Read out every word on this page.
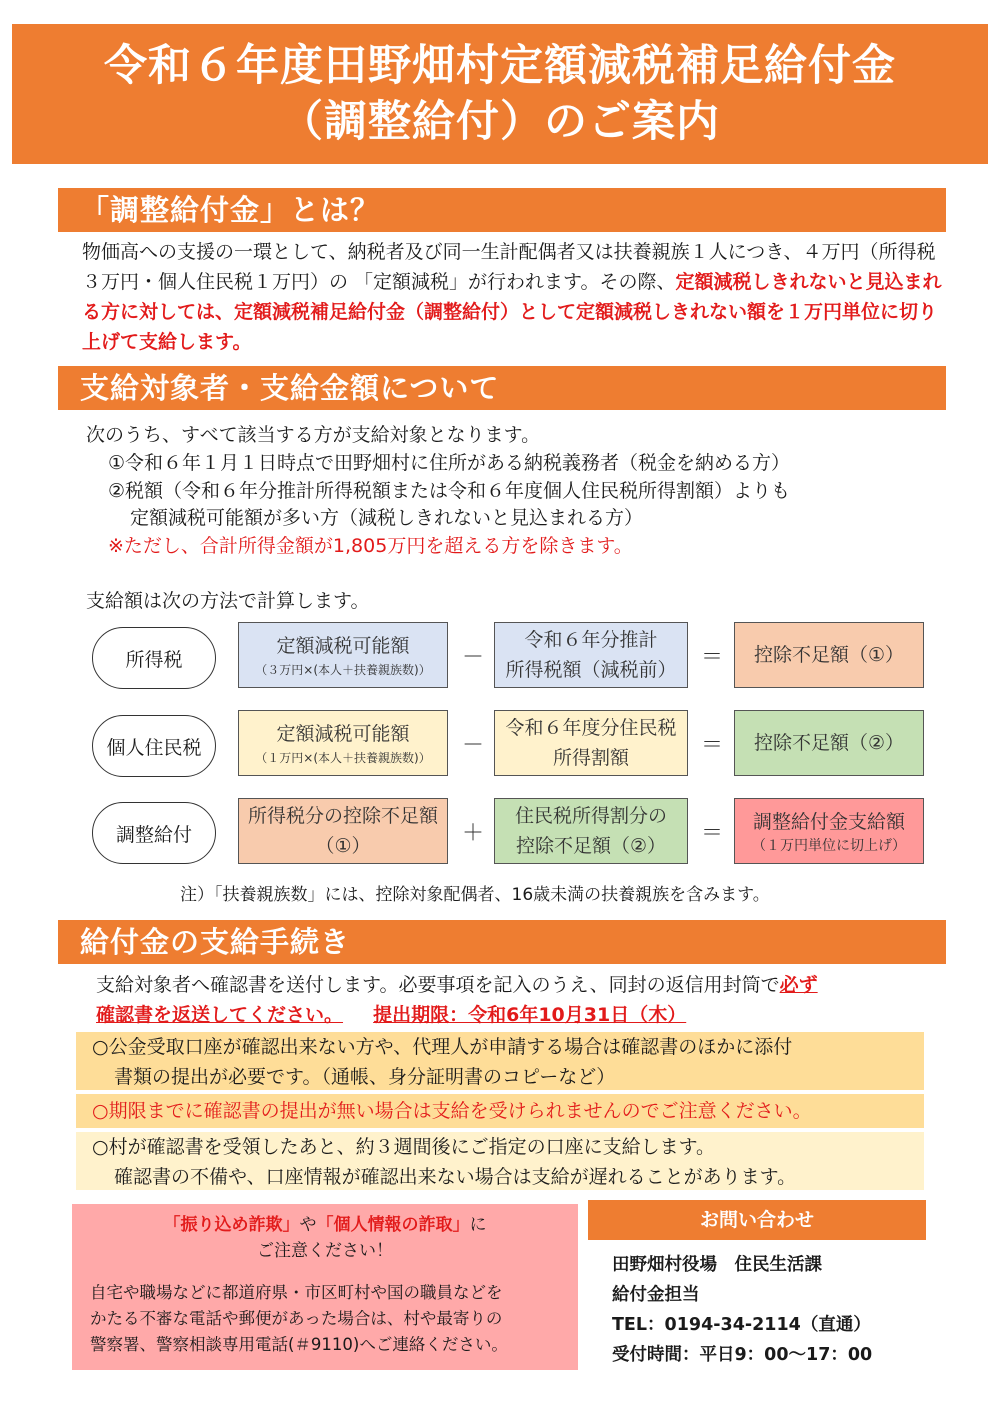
令和６年度田野畑村定額減税補足給付金
（調整給付）のご案内
「調整給付金」とは？
物価高への支援の一環として、納税者及び同一生計配偶者又は扶養親族１人につき、４万円（所得税３万円・個人住民税１万円）の 「定額減税」が行われます。その際、定額減税しきれないと見込まれる方に対しては、定額減税補足給付金（調整給付）として定額減税しきれない額を１万円単位に切り上げて支給します。
支給対象者・支給金額について
次のうち、すべて該当する方が支給対象となります。
①令和６年１月１日時点で田野畑村に住所がある納税義務者（税金を納める方）
②税額（令和６年分推計所得税額または令和６年度個人住民税所得割額）よりも
定額減税可能額が多い方（減税しきれないと見込まれる方）
※ただし、合計所得金額が1,805万円を超える方を除きます。
支給額は次の方法で計算します。
所得税
定額減税可能額
（３万円×(本人＋扶養親族数)） －
令和６年分推計
所得税額（減税前） ＝ 控除不足額（①）
個人住民税
定額減税可能額
（１万円×(本人＋扶養親族数)） －
令和６年度分住民税
所得割額	＝ 控除不足額（②）
調整給付
所得税分の控除不足額
（①）	＋
住民税所得割分の
控除不足額（②） ＝ 調整給付金支給額
（１万円単位に切上げ）
注）「扶養親族数」には、控除対象配偶者、16歳未満の扶養親族を含みます。
給付金の支給手続き
支給対象者へ確認書を送付します。必要事項を記入のうえ、同封の返信用封筒で必ず
確認書を返送してください。 提出期限：令和6年10月31日（木）
○公金受取口座が確認出来ない方や、代理人が申請する場合は確認書のほかに添付
書類の提出が必要です。（通帳、身分証明書のコピーなど）
○期限までに確認書の提出が無い場合は支給を受けられませんのでご注意ください。
○村が確認書を受領したあと、約３週間後にご指定の口座に支給します。
確認書の不備や、口座情報が確認出来ない場合は支給が遅れることがあります。
「振り込め詐欺」や「個人情報の詐取」に
ご注意ください！
自宅や職場などに都道府県・市区町村や国の職員などを
かたる不審な電話や郵便があった場合は、村や最寄りの
警察署、警察相談専用電話(＃9110)へご連絡ください。
お問い合わせ
田野畑村役場　住民生活課
給付金担当
TEL：0194-34-2114（直通）
受付時間：平日9：00～17：00
